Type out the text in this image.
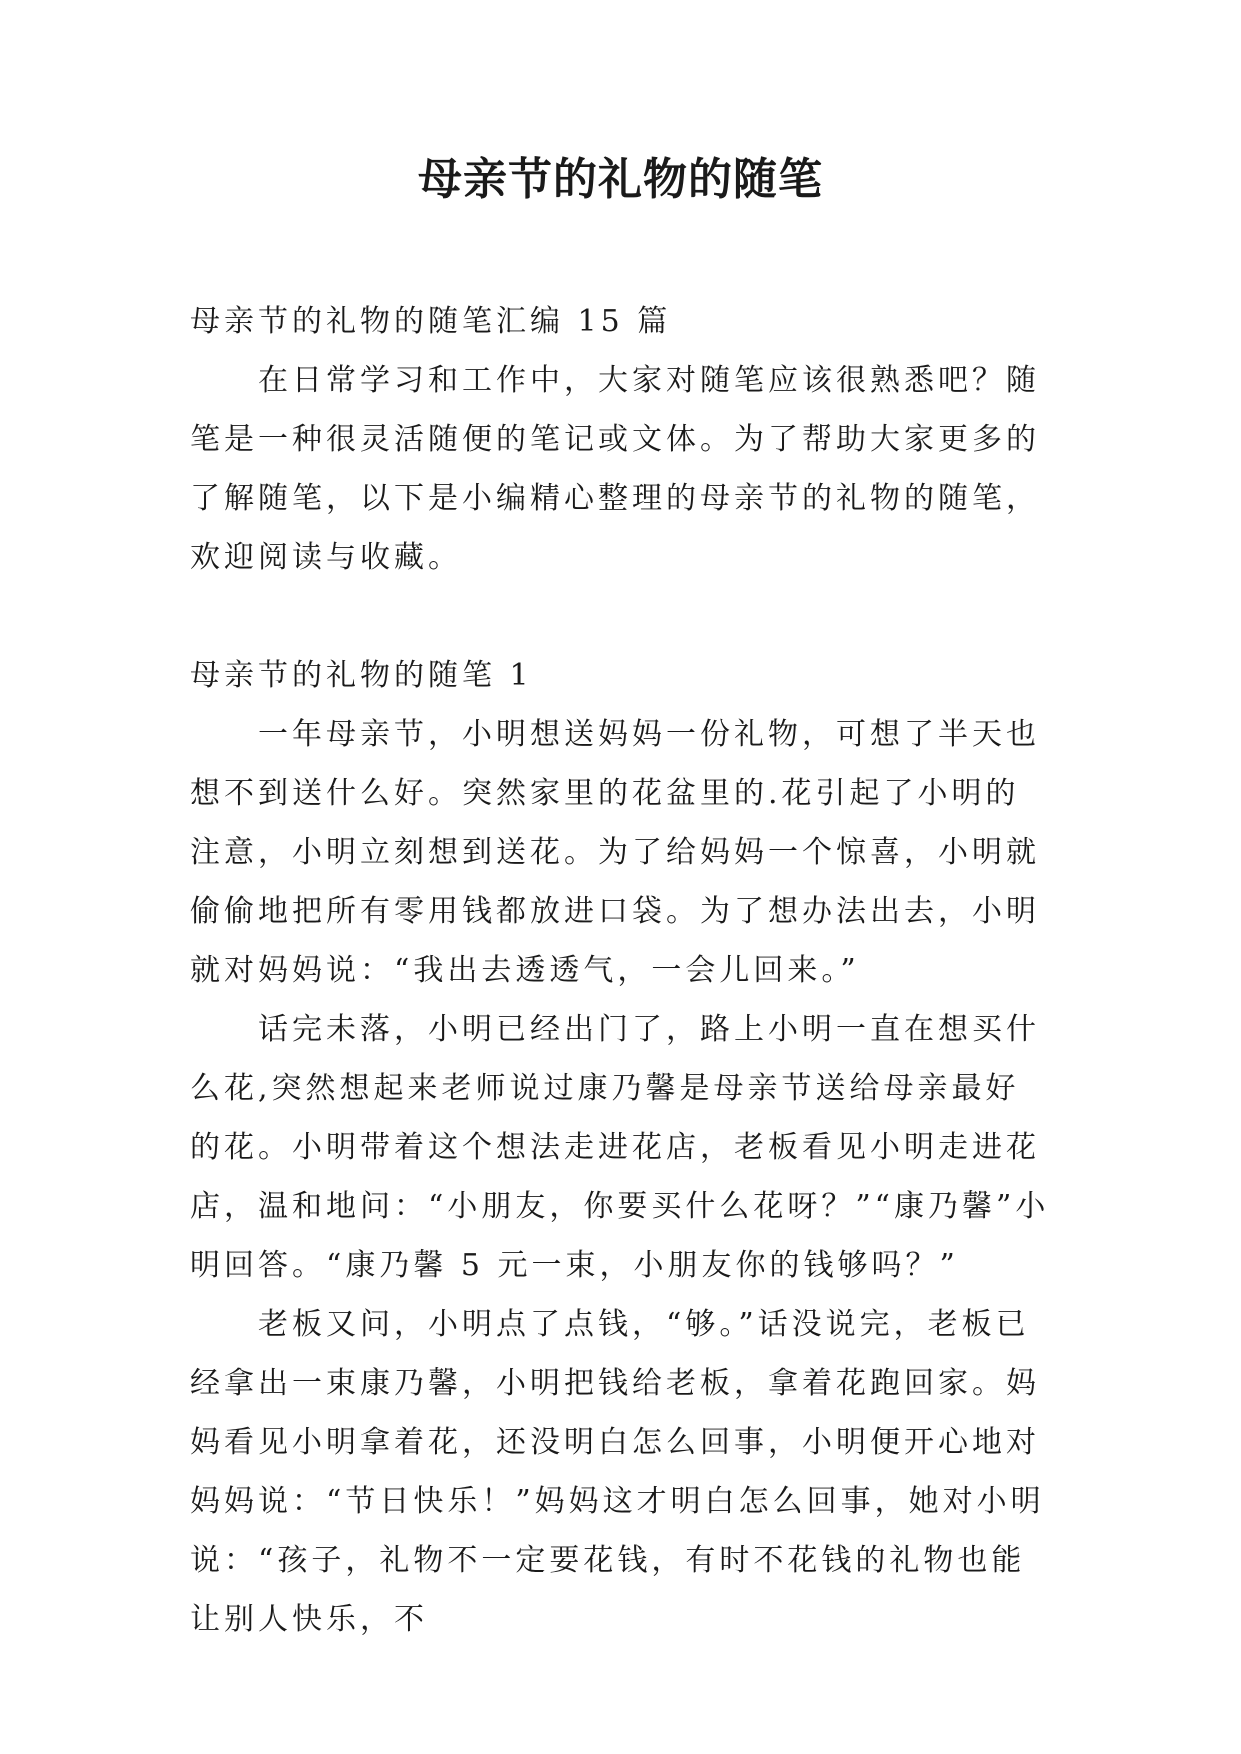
母亲节的礼物的随笔

母亲节的礼物的随笔汇编 15 篇

在日常学习和工作中，大家对随笔应该很熟悉吧？随笔是一种很灵活随便的笔记或文体。为了帮助大家更多的了解随笔，以下是小编精心整理的母亲节的礼物的随笔，欢迎阅读与收藏。

母亲节的礼物的随笔 1

一年母亲节，小明想送妈妈一份礼物，可想了半天也想不到送什么好。突然家里的花盆里的.花引起了小明的注意，小明立刻想到送花。为了给妈妈一个惊喜，小明就偷偷地把所有零用钱都放进口袋。为了想办法出去，小明就对妈妈说：“我出去透透气，一会儿回来。”

话完未落，小明已经出门了，路上小明一直在想买什么花,突然想起来老师说过康乃馨是母亲节送给母亲最好的花。小明带着这个想法走进花店，老板看见小明走进花店，温和地问：“小朋友，你要买什么花呀？”“康乃馨”小明回答。“康乃馨 5 元一束，小朋友你的钱够吗？”

老板又问，小明点了点钱，“够。”话没说完，老板已经拿出一束康乃馨，小明把钱给老板，拿着花跑回家。妈妈看见小明拿着花，还没明白怎么回事，小明便开心地对妈妈说：“节日快乐！”妈妈这才明白怎么回事，她对小明说：“孩子，礼物不一定要花钱，有时不花钱的礼物也能让别人快乐，不
